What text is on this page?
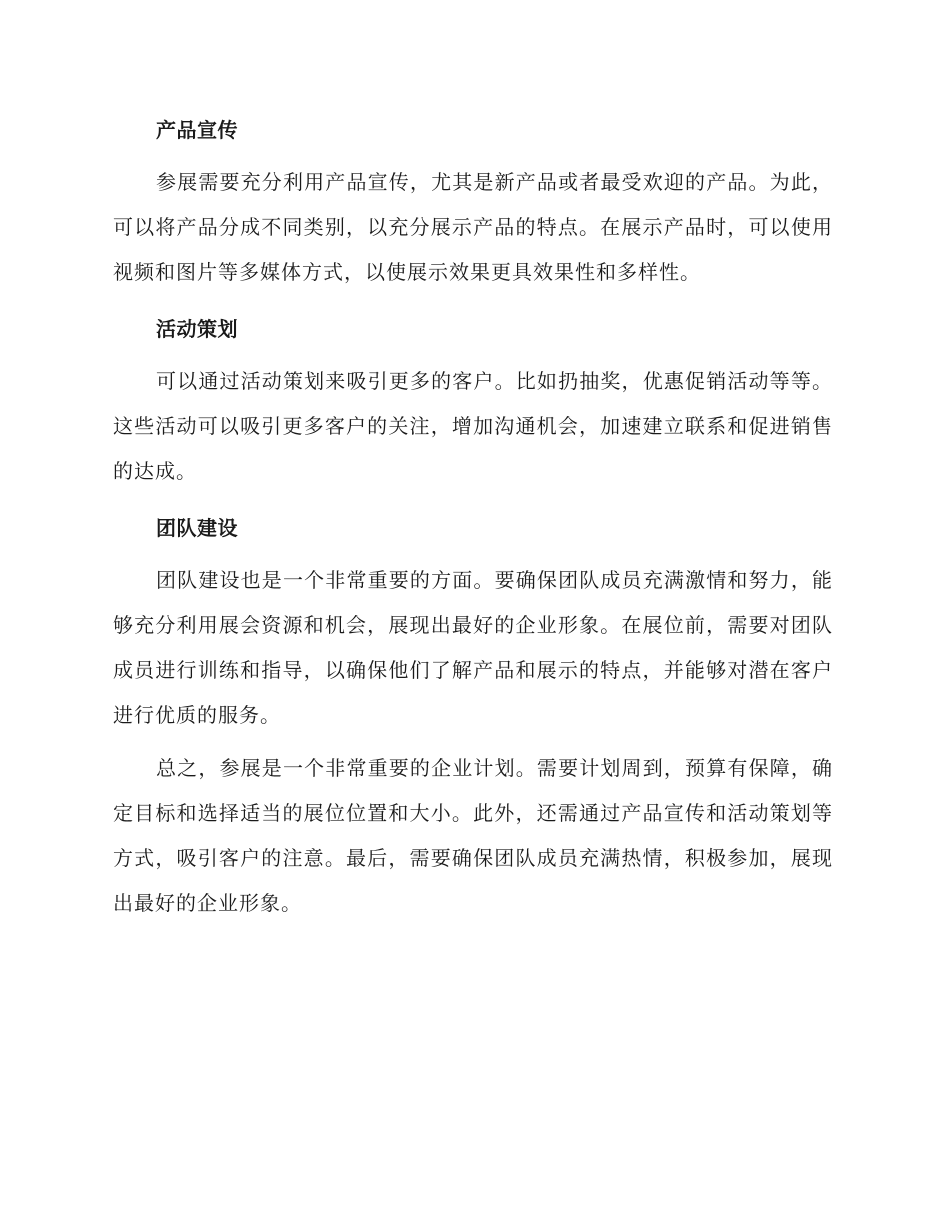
产品宣传

参展需要充分利用产品宣传，尤其是新产品或者最受欢迎的产品。为此，可以将产品分成不同类别，以充分展示产品的特点。在展示产品时，可以使用视频和图片等多媒体方式，以使展示效果更具效果性和多样性。

活动策划

可以通过活动策划来吸引更多的客户。比如扔抽奖，优惠促销活动等等。这些活动可以吸引更多客户的关注，增加沟通机会，加速建立联系和促进销售的达成。

团队建设

团队建设也是一个非常重要的方面。要确保团队成员充满激情和努力，能够充分利用展会资源和机会，展现出最好的企业形象。在展位前，需要对团队成员进行训练和指导，以确保他们了解产品和展示的特点，并能够对潜在客户进行优质的服务。

总之，参展是一个非常重要的企业计划。需要计划周到，预算有保障，确定目标和选择适当的展位位置和大小。此外，还需通过产品宣传和活动策划等方式，吸引客户的注意。最后，需要确保团队成员充满热情，积极参加，展现出最好的企业形象。
